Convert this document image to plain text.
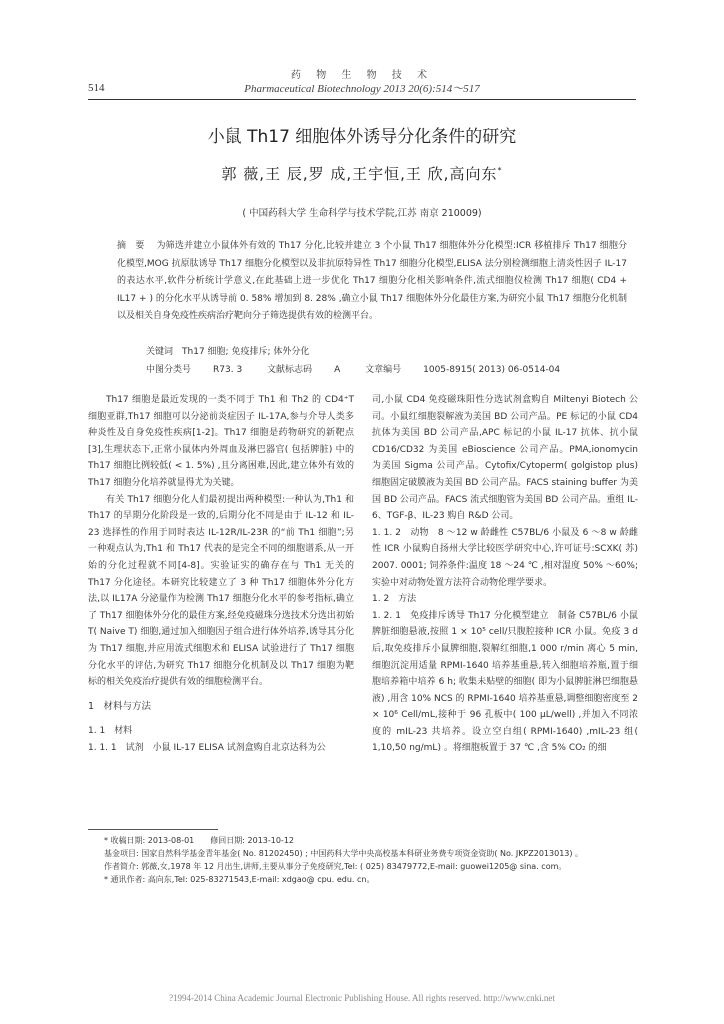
药 物 生 物 技 术
514	Pharmaceutical Biotechnology 2013 20(6):514～517
小鼠 Th17 细胞体外诱导分化条件的研究
郭 薇,王 辰,罗 成,王宇恒,王 欣,高向东*
( 中国药科大学 生命科学与技术学院,江苏 南京 210009)
摘　要 为筛选并建立小鼠体外有效的 Th17 分化,比较并建立 3 个小鼠 Th17 细胞体外分化模型:ICR 移植排斥 Th17 细胞分化模型,MOG 抗原肽诱导 Th17 细胞分化模型以及非抗原特异性 Th17 细胞分化模型,ELISA 法分别检测细胞上清炎性因子 IL-17 的表达水平,软件分析统计学意义,在此基础上进一步优化 Th17 细胞分化相关影响条件,流式细胞仪检测 Th17 细胞( CD4 + IL17 + ) 的分化水平从诱导前 0. 58% 增加到 8. 28% ,确立小鼠 Th17 细胞体外分化最佳方案,为研究小鼠 Th17 细胞分化机制以及相关自身免疫性疾病治疗靶向分子筛选提供有效的检测平台。
关键词　 Th17 细胞; 免疫排斥; 体外分化
中图分类号 R73. 3	文献标志码 A	文章编号 1005-8915( 2013) 06-0514-04

Th17 细胞是最近发现的一类不同于 Th1 和 Th2 的 CD4⁺T 细胞亚群,Th17 细胞可以分泌前炎症因子 IL-17A,参与介导人类多种炎性及自身免疫性疾病[1-2]。Th17 细胞是药物研究的新靶点[3],生理状态下,正常小鼠体内外周血及淋巴器官( 包括脾脏) 中的 Th17 细胞比例较低( < 1. 5%) ,且分离困难,因此,建立体外有效的 Th17 细胞分化培养就显得尤为关键。

有关 Th17 细胞分化人们最初提出两种模型:一种认为,Th1 和 Th17 的早期分化阶段是一致的,后期分化不同是由于 IL-12 和 IL-23 选择性的作用于同时表达 IL-12R/IL-23R 的“前 Th1 细胞”;另一种观点认为,Th1 和 Th17 代表的是完全不同的细胞谱系,从一开始的分化过程就不同[4-8]。实验证实的确存在与 Th1 无关的 Th17 分化途径。本研究比较建立了 3 种 Th17 细胞体外分化方法,以 IL17A 分泌量作为检测 Th17 细胞分化水平的参考指标,确立了 Th17 细胞体外分化的最佳方案,经免疫磁珠分选技术分选出初始 T( Naive T) 细胞,通过加入细胞因子组合进行体外培养,诱导其分化为 Th17 细胞,并应用流式细胞术和 ELISA 试验进行了 Th17 细胞分化水平的评估,为研究 Th17 细胞分化机制及以 Th17 细胞为靶标的相关免疫治疗提供有效的细胞检测平台。

1　材料与方法
1. 1　材料

1. 1. 1　试剂　小鼠 IL-17 ELISA 试剂盒购自北京达科为公

司,小鼠 CD4 免疫磁珠阳性分选试剂盒购自 Miltenyi Biotech 公司。小鼠红细胞裂解液为美国 BD 公司产品。PE 标记的小鼠 CD4 抗体为美国 BD 公司产品,APC 标记的小鼠 IL-17 抗体、抗小鼠 CD16/CD32 为美国 eBioscience 公司产品。PMA,ionomycin 为美国 Sigma 公司产品。Cytofix/Cytoperm( golgistop plus) 细胞固定破膜液为美国 BD 公司产品。FACS staining buffer 为美国 BD 公司产品。FACS 流式细胞管为美国 BD 公司产品。重组 IL-6、TGF-β、IL-23 购自 R&D 公司。

1. 1. 2　动物　8 ～12 w 龄雌性 C57BL/6 小鼠及 6 ～8 w 龄雌性 ICR 小鼠购自扬州大学比较医学研究中心,许可证号:SCXK( 苏) 2007. 0001; 饲养条件:温度 18 ～24 ℃ ,相对湿度 50% ～60%; 实验中对动物处置方法符合动物伦理学要求。

1. 2　方法

1. 2. 1　免疫排斥诱导 Th17 分化模型建立　制备 C57BL/6 小鼠脾脏细胞悬液,按照 1 × 10⁵ cell/只腹腔接种 ICR 小鼠。免疫 3 d 后,取免疫排斥小鼠脾细胞,裂解红细胞,1 000 r/min 离心 5 min,细胞沉淀用适量 RPMI-1640 培养基重悬,转入细胞培养瓶,置于细胞培养箱中培养 6 h; 收集未贴壁的细胞( 即为小鼠脾脏淋巴细胞悬液) ,用含 10% NCS 的 RPMI-1640 培养基重悬,调整细胞密度至 2 × 10⁶ Cell/mL,接种于 96 孔板中( 100 μL/well) ,并加入不同浓度的 mIL-23 共培养。设立空白组( RPMI-1640) ,mIL-23 组( 1,10,50 ng/mL) 。将细胞板置于 37 ℃ ,含 5% CO₂ 的细

* 收稿日期: 2013-08-01　　修回日期: 2013-10-12
基金项目: 国家自然科学基金青年基金( No. 81202450) ; 中国药科大学中央高校基本科研业务费专项资金资助( No. JKPZ2013013) 。
作者简介: 郭薇,女,1978 年 12 月出生,讲师,主要从事分子免疫研究,Tel: ( 025) 83479772,E-mail: guowei1205@ sina. com。
* 通讯作者: 高向东,Tel: 025-83271543,E-mail: xdgao@ cpu. edu. cn。
?1994-2014 China Academic Journal Electronic Publishing House. All rights reserved. http://www.cnki.net
